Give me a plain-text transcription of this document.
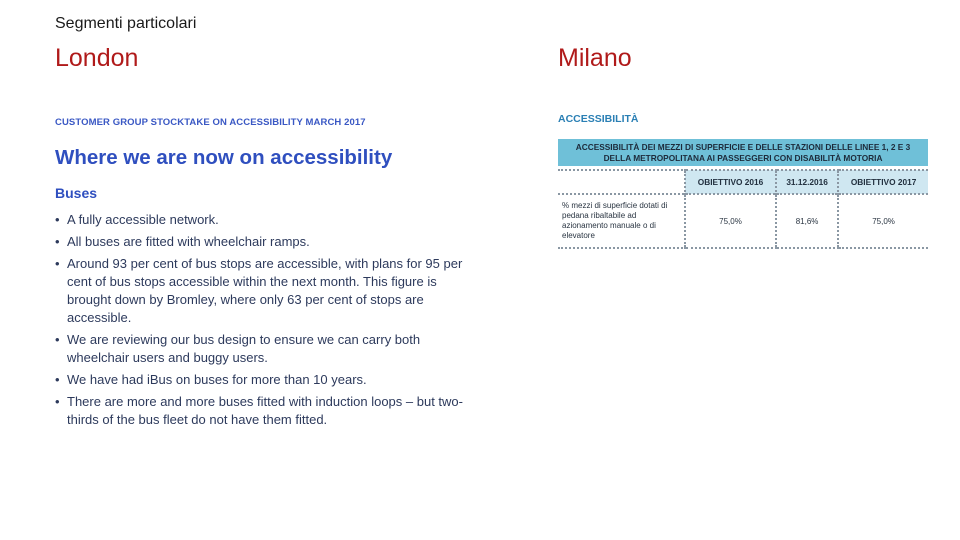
Segmenti particolari
London	Milano
CUSTOMER GROUP STOCKTAKE ON ACCESSIBILITY MARCH 2017
Where we are now on accessibility
Buses
• A fully accessible network.
• All buses are fitted with wheelchair ramps.
• Around 93 per cent of bus stops are accessible, with plans for 95 per cent of bus stops accessible within the next month. This figure is brought down by Bromley, where only 63 per cent of stops are accessible.
• We are reviewing our bus design to ensure we can carry both wheelchair users and buggy users.
• We have had iBus on buses for more than 10 years.
• There are more and more buses fitted with induction loops – but two-thirds of the bus fleet do not have them fitted.
ACCESSIBILITÀ
ACCESSIBILITÀ DEI MEZZI DI SUPERFICIE E DELLE STAZIONI DELLE LINEE 1, 2 E 3
DELLA METROPOLITANA AI PASSEGGERI CON DISABILITÀ MOTORIA
	OBIETTIVO 2016	31.12.2016	OBIETTIVO 2017
% mezzi di superficie dotati di pedana ribaltabile ad azionamento manuale o di elevatore	75,0%	81,6%	75,0%
